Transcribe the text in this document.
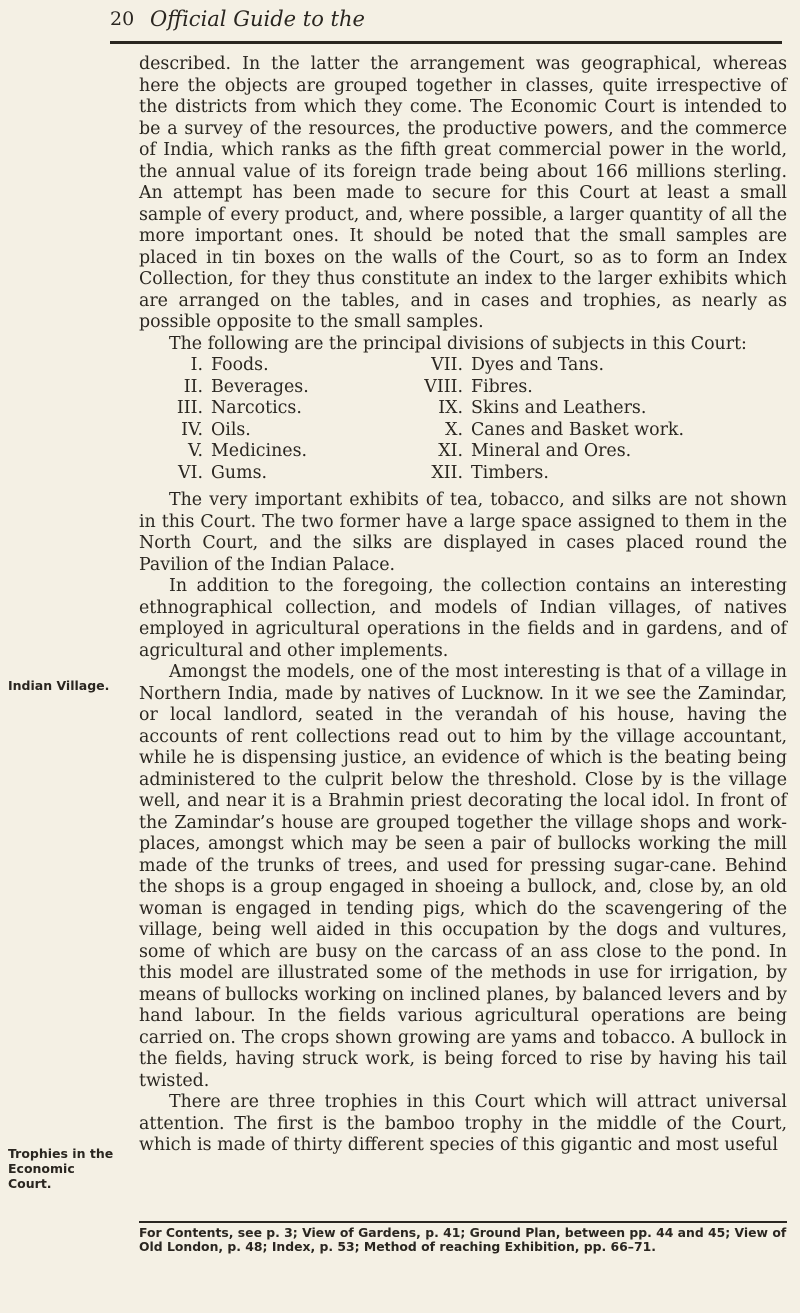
20 Official Guide to the
Indian Village.
Trophies in the Economic Court.

described. In the latter the arrangement was geographical, whereas here the objects are grouped together in classes, quite irrespective of the districts from which they come. The Economic Court is intended to be a survey of the resources, the productive powers, and the commerce of India, which ranks as the fifth great commercial power in the world, the annual value of its foreign trade being about 166 millions sterling. An attempt has been made to secure for this Court at least a small sample of every product, and, where possible, a larger quantity of all the more important ones. It should be noted that the small samples are placed in tin boxes on the walls of the Court, so as to form an Index Collection, for they thus constitute an index to the larger exhibits which are arranged on the tables, and in cases and trophies, as nearly as possible opposite to the small samples.

The following are the principal divisions of subjects in this Court:

I. Foods.	VII. Dyes and Tans.
II. Beverages.	VIII. Fibres.
III. Narcotics.	IX. Skins and Leathers.
IV. Oils.	X. Canes and Basket work.
V. Medicines.	XI. Mineral and Ores.
VI. Gums.	XII. Timbers.

The very important exhibits of tea, tobacco, and silks are not shown in this Court. The two former have a large space assigned to them in the North Court, and the silks are displayed in cases placed round the Pavilion of the Indian Palace.

In addition to the foregoing, the collection contains an interesting ethnographical collection, and models of Indian villages, of natives employed in agricultural operations in the fields and in gardens, and of agricultural and other implements.

Amongst the models, one of the most interesting is that of a village in Northern India, made by natives of Lucknow. In it we see the Zamindar, or local landlord, seated in the verandah of his house, having the accounts of rent collections read out to him by the village accountant, while he is dispensing justice, an evidence of which is the beating being administered to the culprit below the threshold. Close by is the village well, and near it is a Brahmin priest decorating the local idol. In front of the Zamindar’s house are grouped together the village shops and work-places, amongst which may be seen a pair of bullocks working the mill made of the trunks of trees, and used for pressing sugar-cane. Behind the shops is a group engaged in shoeing a bullock, and, close by, an old woman is engaged in tending pigs, which do the scavengering of the village, being well aided in this occupation by the dogs and vultures, some of which are busy on the carcass of an ass close to the pond. In this model are illustrated some of the methods in use for irrigation, by means of bullocks working on inclined planes, by balanced levers and by hand labour. In the fields various agricultural operations are being carried on. The crops shown growing are yams and tobacco. A bullock in the fields, having struck work, is being forced to rise by having his tail twisted.

There are three trophies in this Court which will attract universal attention. The first is the bamboo trophy in the middle of the Court, which is made of thirty different species of this gigantic and most useful

For Contents, see p. 3; View of Gardens, p. 41; Ground Plan, between pp. 44 and 45; View of Old London, p. 48; Index, p. 53; Method of reaching Exhibition, pp. 66–71.
